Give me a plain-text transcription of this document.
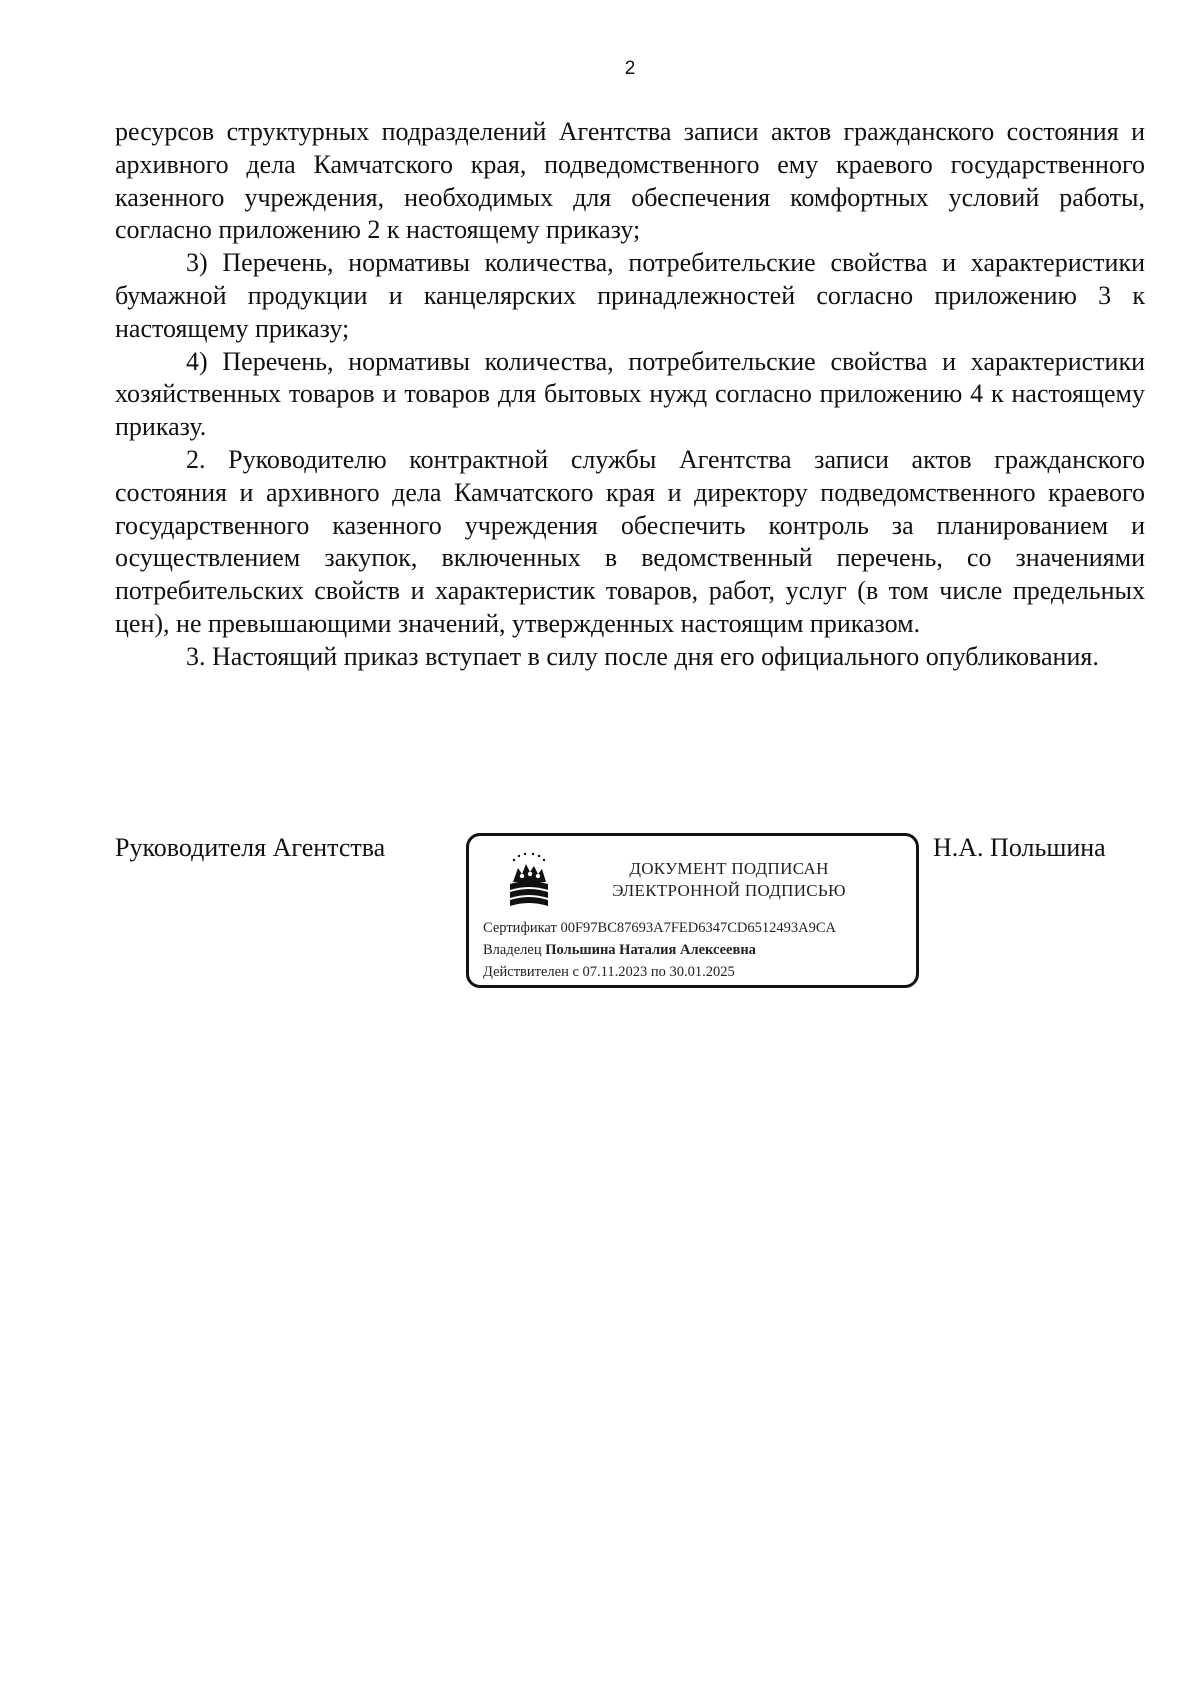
2

ресурсов структурных подразделений Агентства записи актов гражданского состояния и архивного дела Камчатского края, подведомственного ему краевого государственного казенного учреждения, необходимых для обеспечения комфортных условий работы, согласно приложению 2 к настоящему приказу;

3) Перечень, нормативы количества, потребительские свойства и характеристики бумажной продукции и канцелярских принадлежностей согласно приложению 3 к настоящему приказу;

4) Перечень, нормативы количества, потребительские свойства и характеристики хозяйственных товаров и товаров для бытовых нужд согласно приложению 4 к настоящему приказу.

2. Руководителю контрактной службы Агентства записи актов гражданского состояния и архивного дела Камчатского края и директору подведомственного краевого государственного казенного учреждения обеспечить контроль за планированием и осуществлением закупок, включенных в ведомственный перечень, со значениями потребительских свойств и характеристик товаров, работ, услуг (в том числе предельных цен), не превышающими значений, утвержденных настоящим приказом.

3. Настоящий приказ вступает в силу после дня его официального опубликования.

Руководителя Агентства
ДОКУМЕНТ ПОДПИСАН
ЭЛЕКТРОННОЙ ПОДПИСЬЮ
Сертификат 00F97BC87693A7FED6347CD6512493A9CA
Владелец Польшина Наталия Алексеевна
Действителен с 07.11.2023 по 30.01.2025
Н.А. Польшина
